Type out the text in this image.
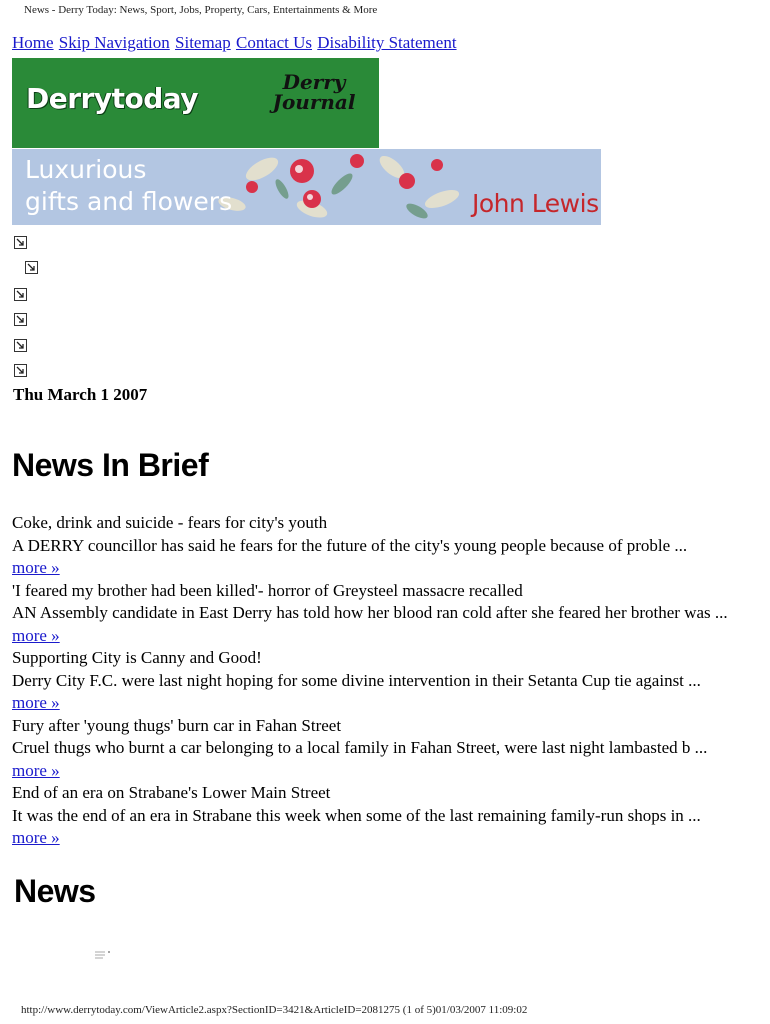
News - Derry Today: News, Sport, Jobs, Property, Cars, Entertainments & More
Home Skip Navigation Sitemap Contact Us Disability Statement
Derrytoday	Derry
Journal
Luxurious
gifts and flowers	John Lewis
Thu March 1 2007
News In Brief
Coke, drink and suicide - fears for city's youth
A DERRY councillor has said he fears for the future of the city's young people because of proble ...
more »
'I feared my brother had been killed'- horror of Greysteel massacre recalled
AN Assembly candidate in East Derry has told how her blood ran cold after she feared her brother was ... more »
Supporting City is Canny and Good!
Derry City F.C. were last night hoping for some divine intervention in their Setanta Cup tie against ...
more »
Fury after 'young thugs' burn car in Fahan Street
Cruel thugs who burnt a car belonging to a local family in Fahan Street, were last night lambasted b ...
more »
End of an era on Strabane's Lower Main Street
It was the end of an era in Strabane this week when some of the last remaining family-run shops in ...
more »
News
http://www.derrytoday.com/ViewArticle2.aspx?SectionID=3421&ArticleID=2081275 (1 of 5)01/03/2007 11:09:02
